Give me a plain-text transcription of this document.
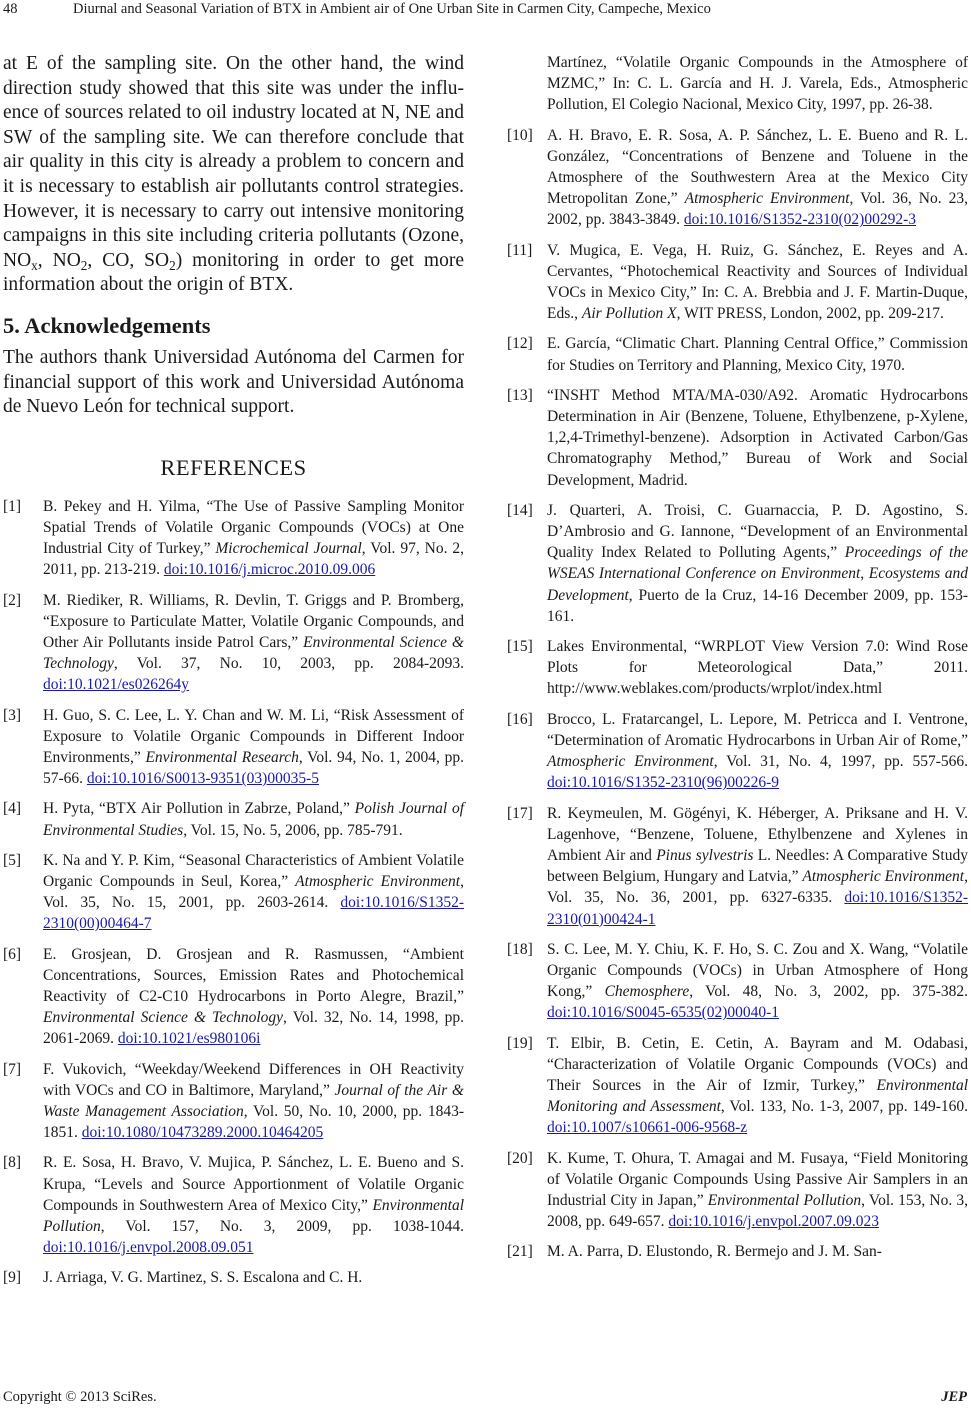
48	Diurnal and Seasonal Variation of BTX in Ambient air of One Urban Site in Carmen City, Campeche, Mexico

at E of the sampling site. On the other hand, the wind direction study showed that this site was under the influence of sources related to oil industry located at N, NE and SW of the sampling site. We can therefore conclude that air quality in this city is already a problem to concern and it is necessary to establish air pollutants control strategies. However, it is necessary to carry out intensive monitoring campaigns in this site including criteria pollutants (Ozone, $NO_x$, $NO_2$, CO, $SO_2$) monitoring in order to get more information about the origin of BTX.

5. Acknowledgements

The authors thank Universidad Autónoma del Carmen for financial support of this work and Universidad Autónoma de Nuevo León for technical support.

REFERENCES
[1] B. Pekey and H. Yilma, “The Use of Passive Sampling Monitor Spatial Trends of Volatile Organic Compounds (VOCs) at One Industrial City of Turkey,” Microchemical Journal, Vol. 97, No. 2, 2011, pp. 213-219. doi:10.1016/j.microc.2010.09.006
[2] M. Riediker, R. Williams, R. Devlin, T. Griggs and P. Bromberg, “Exposure to Particulate Matter, Volatile Organic Compounds, and Other Air Pollutants inside Patrol Cars,” Environmental Science & Technology, Vol. 37, No. 10, 2003, pp. 2084-2093. doi:10.1021/es026264y
[3] H. Guo, S. C. Lee, L. Y. Chan and W. M. Li, “Risk Assessment of Exposure to Volatile Organic Compounds in Different Indoor Environments,” Environmental Research, Vol. 94, No. 1, 2004, pp. 57-66. doi:10.1016/S0013-9351(03)00035-5
[4] H. Pyta, “BTX Air Pollution in Zabrze, Poland,” Polish Journal of Environmental Studies, Vol. 15, No. 5, 2006, pp. 785-791.
[5] K. Na and Y. P. Kim, “Seasonal Characteristics of Ambient Volatile Organic Compounds in Seul, Korea,” Atmospheric Environment, Vol. 35, No. 15, 2001, pp. 2603-2614. doi:10.1016/S1352-2310(00)00464-7
[6] E. Grosjean, D. Grosjean and R. Rasmussen, “Ambient Concentrations, Sources, Emission Rates and Photochemical Reactivity of C2-C10 Hydrocarbons in Porto Alegre, Brazil,” Environmental Science & Technology, Vol. 32, No. 14, 1998, pp. 2061-2069. doi:10.1021/es980106i
[7] F. Vukovich, “Weekday/Weekend Differences in OH Reactivity with VOCs and CO in Baltimore, Maryland,” Journal of the Air & Waste Management Association, Vol. 50, No. 10, 2000, pp. 1843-1851. doi:10.1080/10473289.2000.10464205
[8] R. E. Sosa, H. Bravo, V. Mujica, P. Sánchez, L. E. Bueno and S. Krupa, “Levels and Source Apportionment of Volatile Organic Compounds in Southwestern Area of Mexico City,” Environmental Pollution, Vol. 157, No. 3, 2009, pp. 1038-1044. doi:10.1016/j.envpol.2008.09.051
[9] J. Arriaga, V. G. Martinez, S. S. Escalona and C. H.
Martínez, “Volatile Organic Compounds in the Atmosphere of MZMC,” In: C. L. García and H. J. Varela, Eds., Atmospheric Pollution, El Colegio Nacional, Mexico City, 1997, pp. 26-38.
[10] A. H. Bravo, E. R. Sosa, A. P. Sánchez, L. E. Bueno and R. L. González, “Concentrations of Benzene and Toluene in the Atmosphere of the Southwestern Area at the Mexico City Metropolitan Zone,” Atmospheric Environment, Vol. 36, No. 23, 2002, pp. 3843-3849. doi:10.1016/S1352-2310(02)00292-3
[11] V. Mugica, E. Vega, H. Ruiz, G. Sánchez, E. Reyes and A. Cervantes, “Photochemical Reactivity and Sources of Individual VOCs in Mexico City,” In: C. A. Brebbia and J. F. Martin-Duque, Eds., Air Pollution X, WIT PRESS, London, 2002, pp. 209-217.
[12] E. García, “Climatic Chart. Planning Central Office,” Commission for Studies on Territory and Planning, Mexico City, 1970.
[13] “INSHT Method MTA/MA-030/A92. Aromatic Hydrocarbons Determination in Air (Benzene, Toluene, Ethylbenzene, p-Xylene, 1,2,4-Trimethyl-benzene). Adsorption in Activated Carbon/Gas Chromatography Method,” Bureau of Work and Social Development, Madrid.
[14] J. Quarteri, A. Troisi, C. Guarnaccia, P. D. Agostino, S. D’Ambrosio and G. Iannone, “Development of an Environmental Quality Index Related to Polluting Agents,” Proceedings of the WSEAS International Conference on Environment, Ecosystems and Development, Puerto de la Cruz, 14-16 December 2009, pp. 153-161.
[15] Lakes Environmental, “WRPLOT View Version 7.0: Wind Rose Plots for Meteorological Data,” 2011. http://www.weblakes.com/products/wrplot/index.html
[16] Brocco, L. Fratarcangel, L. Lepore, M. Petricca and I. Ventrone, “Determination of Aromatic Hydrocarbons in Urban Air of Rome,” Atmospheric Environment, Vol. 31, No. 4, 1997, pp. 557-566. doi:10.1016/S1352-2310(96)00226-9
[17] R. Keymeulen, M. Gögényi, K. Héberger, A. Priksane and H. V. Lagenhove, “Benzene, Toluene, Ethylbenzene and Xylenes in Ambient Air and Pinus sylvestris L. Needles: A Comparative Study between Belgium, Hungary and Latvia,” Atmospheric Environment, Vol. 35, No. 36, 2001, pp. 6327-6335. doi:10.1016/S1352-2310(01)00424-1
[18] S. C. Lee, M. Y. Chiu, K. F. Ho, S. C. Zou and X. Wang, “Volatile Organic Compounds (VOCs) in Urban Atmosphere of Hong Kong,” Chemosphere, Vol. 48, No. 3, 2002, pp. 375-382. doi:10.1016/S0045-6535(02)00040-1
[19] T. Elbir, B. Cetin, E. Cetin, A. Bayram and M. Odabasi, “Characterization of Volatile Organic Compounds (VOCs) and Their Sources in the Air of Izmir, Turkey,” Environmental Monitoring and Assessment, Vol. 133, No. 1-3, 2007, pp. 149-160. doi:10.1007/s10661-006-9568-z
[20] K. Kume, T. Ohura, T. Amagai and M. Fusaya, “Field Monitoring of Volatile Organic Compounds Using Passive Air Samplers in an Industrial City in Japan,” Environmental Pollution, Vol. 153, No. 3, 2008, pp. 649-657. doi:10.1016/j.envpol.2007.09.023
[21] M. A. Parra, D. Elustondo, R. Bermejo and J. M. San-
Copyright © 2013 SciRes.	JEP
